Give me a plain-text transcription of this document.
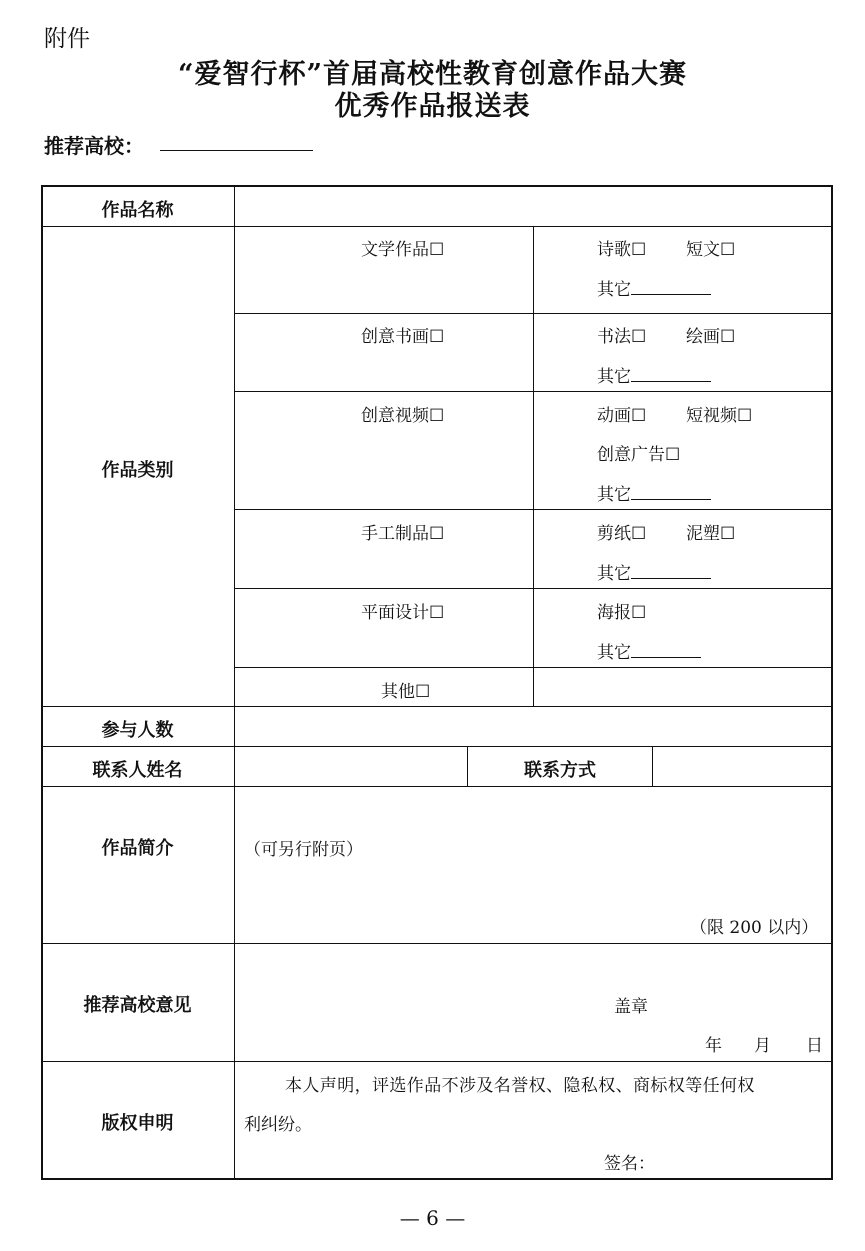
附件
“爱智行杯”首届高校性教育创意作品大赛
优秀作品报送表
推荐高校：
作品名称
作品类别
文学作品☐	诗歌☐ 短文☐
其它
创意书画☐	书法☐ 绘画☐
其它
创意视频☐	动画☐ 短视频☐
创意广告☐
其它
手工制品☐	剪纸☐ 泥塑☐
其它
平面设计☐	海报☐
其它
其他☐
参与人数
联系人姓名	联系方式
作品简介	（可另行附页）
（限 200 以内）
推荐高校意见	盖章
年 月 日
版权申明
本人声明，评选作品不涉及名誉权、隐私权、商标权等任何权
利纠纷。
签名：
— 6 —
